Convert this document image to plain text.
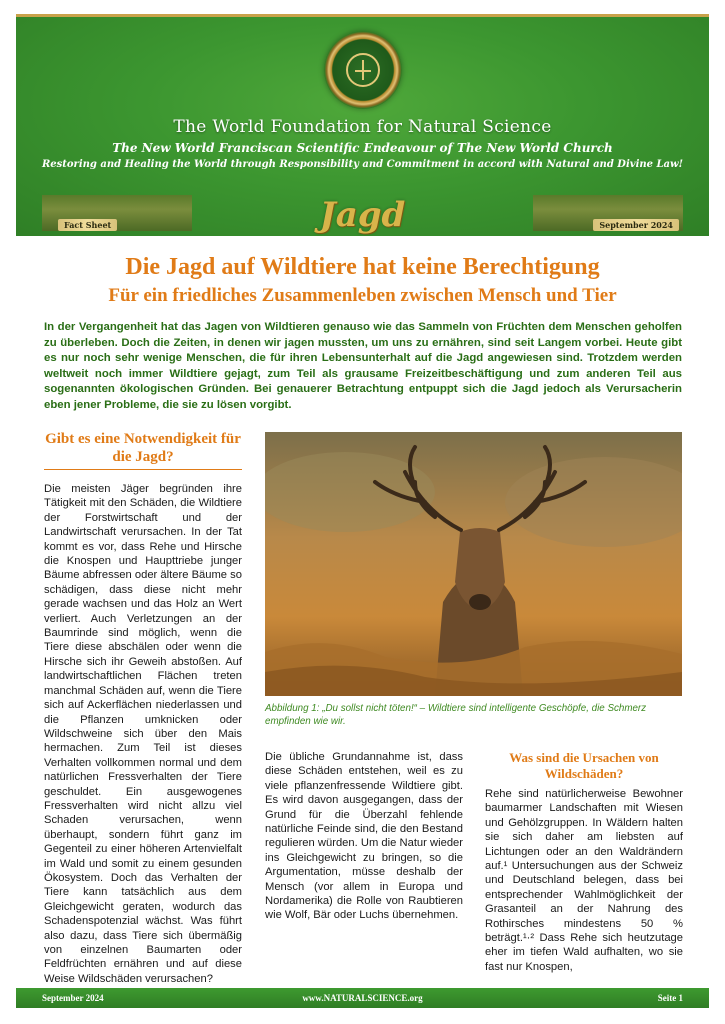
The World Foundation for Natural Science
The New World Franciscan Scientific Endeavour of The New World Church
Restoring and Healing the World through Responsibility and Commitment in accord with Natural and Divine Law!
Fact Sheet	Jagd	September 2024
Die Jagd auf Wildtiere hat keine Berechtigung
Für ein friedliches Zusammenleben zwischen Mensch und Tier
In der Vergangenheit hat das Jagen von Wildtieren genauso wie das Sammeln von Früchten dem Menschen geholfen zu überleben. Doch die Zeiten, in denen wir jagen mussten, um uns zu ernähren, sind seit Langem vorbei. Heute gibt es nur noch sehr wenige Menschen, die für ihren Lebensunterhalt auf die Jagd angewiesen sind. Trotzdem werden weltweit noch immer Wildtiere gejagt, zum Teil als grausame Freizeitbeschäftigung und zum anderen Teil aus sogenannten ökologischen Gründen. Bei genauerer Betrachtung entpuppt sich die Jagd jedoch als Verursacherin eben jener Probleme, die sie zu lösen vorgibt.
Gibt es eine Notwendigkeit für die Jagd?
Die meisten Jäger begründen ihre Tätigkeit mit den Schäden, die Wildtiere der Forstwirtschaft und der Landwirtschaft verursachen. In der Tat kommt es vor, dass Rehe und Hirsche die Knospen und Haupttriebe junger Bäume abfressen oder ältere Bäume so schädigen, dass diese nicht mehr gerade wachsen und das Holz an Wert verliert. Auch Verletzungen an der Baumrinde sind möglich, wenn die Tiere diese abschälen oder wenn die Hirsche sich ihr Geweih abstoßen. Auf landwirtschaftlichen Flächen treten manchmal Schäden auf, wenn die Tiere sich auf Ackerflächen niederlassen und die Pflanzen umknicken oder Wildschweine sich über den Mais hermachen. Zum Teil ist dieses Verhalten vollkommen normal und dem natürlichen Fressverhalten der Tiere geschuldet. Ein ausgewogenes Fressverhalten wird nicht allzu viel Schaden verursachen, wenn überhaupt, sondern führt ganz im Gegenteil zu einer höheren Artenvielfalt im Wald und somit zu einem gesunden Ökosystem. Doch das Verhalten der Tiere kann tatsächlich aus dem Gleichgewicht geraten, wodurch das Schadenspotenzial wächst. Was führt also dazu, dass Tiere sich übermäßig von einzelnen Baumarten oder Feldfrüchten ernähren und auf diese Weise Wildschäden verursachen?
Abbildung 1: „Du sollst nicht töten!“ – Wildtiere sind intelligente Geschöpfe, die Schmerz empfinden wie wir.
Die übliche Grundannahme ist, dass diese Schäden entstehen, weil es zu viele pflanzenfressende Wildtiere gibt. Es wird davon ausgegangen, dass der Grund für die Überzahl fehlende natürliche Feinde sind, die den Bestand regulieren würden. Um die Natur wieder ins Gleichgewicht zu bringen, so die Argumentation, müsse deshalb der Mensch (vor allem in Europa und Nordamerika) die Rolle von Raubtieren wie Wolf, Bär oder Luchs übernehmen.
Was sind die Ursachen von Wildschäden?
Rehe sind natürlicherweise Bewohner baumarmer Landschaften mit Wiesen und Gehölzgruppen. In Wäldern halten sie sich daher am liebsten auf Lichtungen oder an den Waldrändern auf.¹ Untersuchungen aus der Schweiz und Deutschland belegen, dass bei entsprechender Wahlmöglichkeit der Grasanteil an der Nahrung des Rothirsches mindestens 50 % beträgt.¹·² Dass Rehe sich heutzutage eher im tiefen Wald aufhalten, wo sie fast nur Knospen,
September 2024	www.NATURALSCIENCE.org	Seite 1
